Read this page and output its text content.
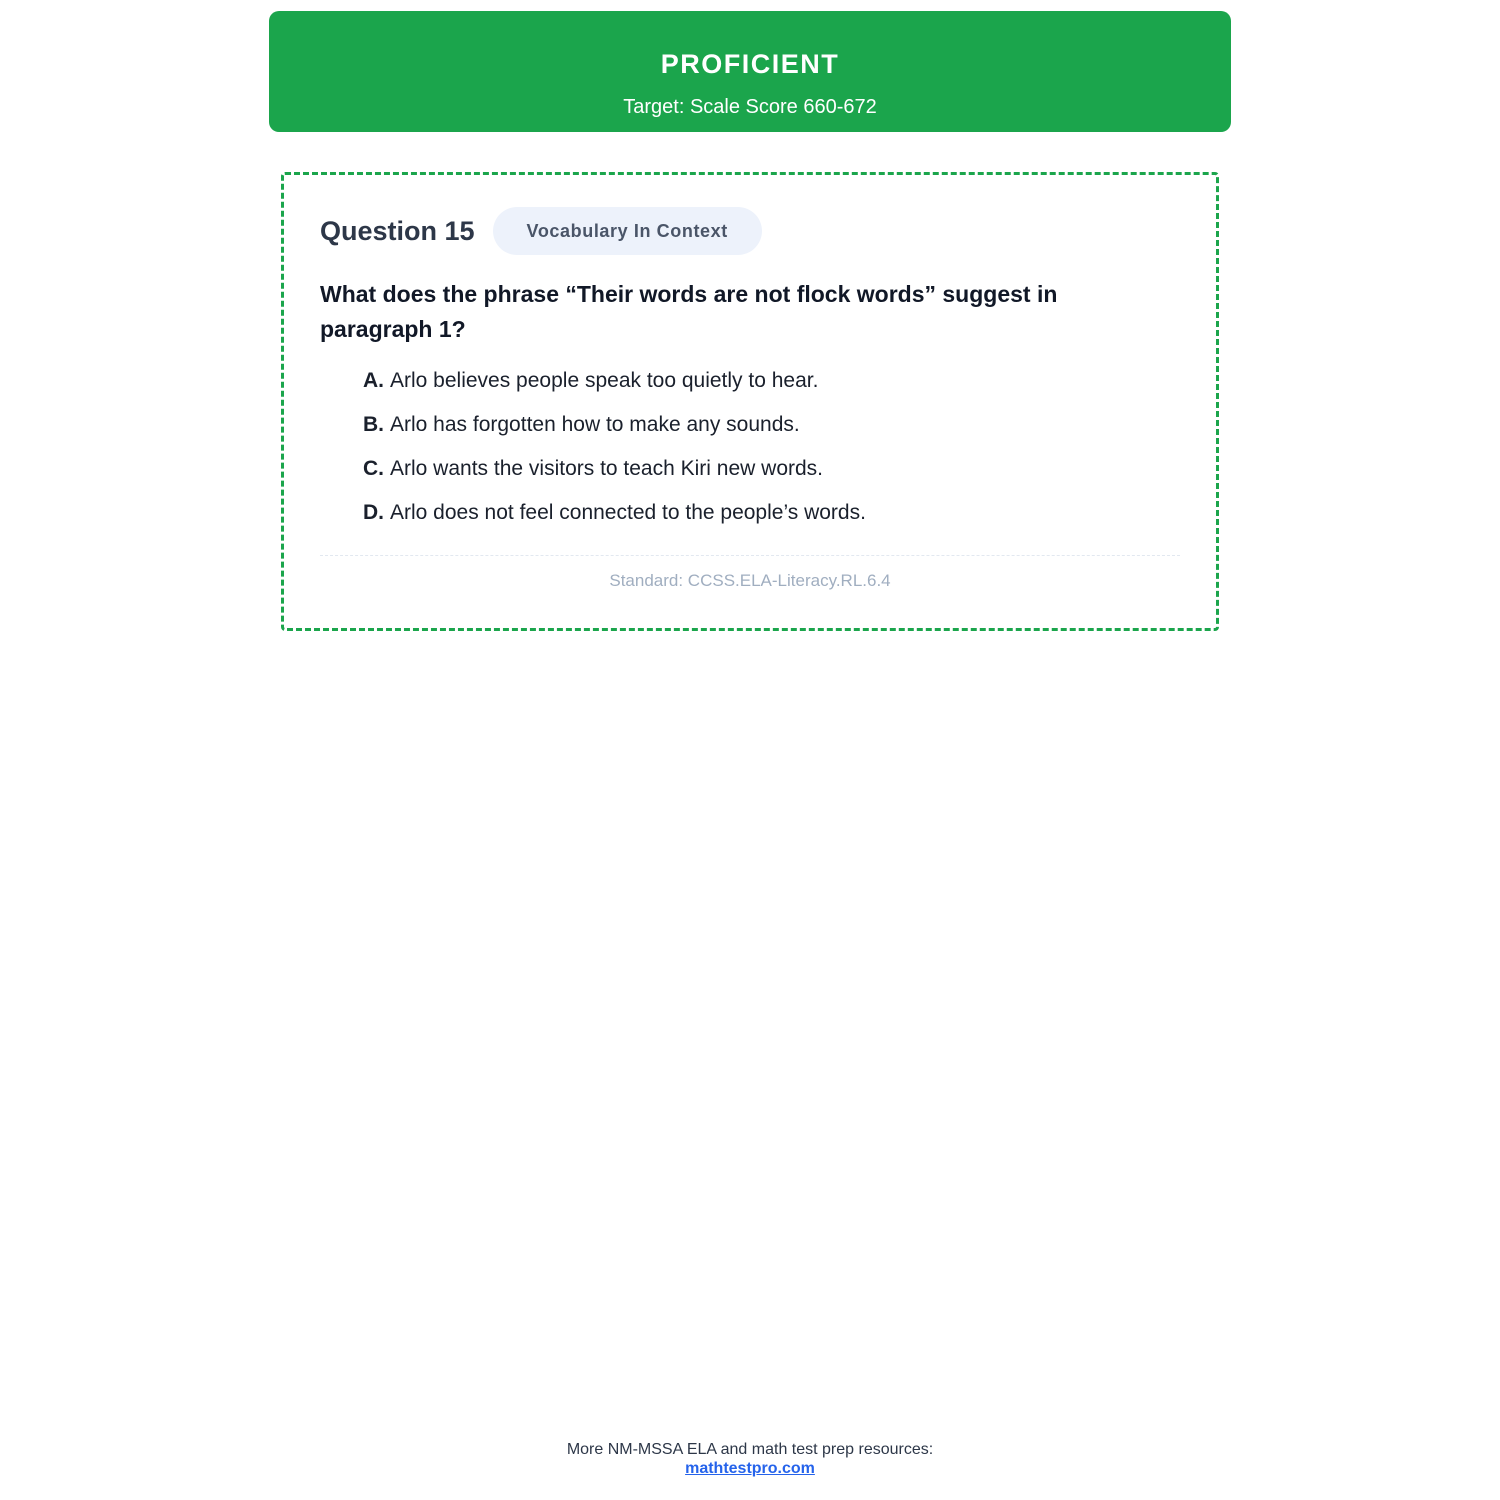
PROFICIENT
Target: Scale Score 660-672
Question 15	Vocabulary In Context
What does the phrase “Their words are not flock words” suggest in paragraph 1?
A. Arlo believes people speak too quietly to hear.
B. Arlo has forgotten how to make any sounds.
C. Arlo wants the visitors to teach Kiri new words.
D. Arlo does not feel connected to the people’s words.
Standard: CCSS.ELA-Literacy.RL.6.4
More NM-MSSA ELA and math test prep resources:
mathtestpro.com
